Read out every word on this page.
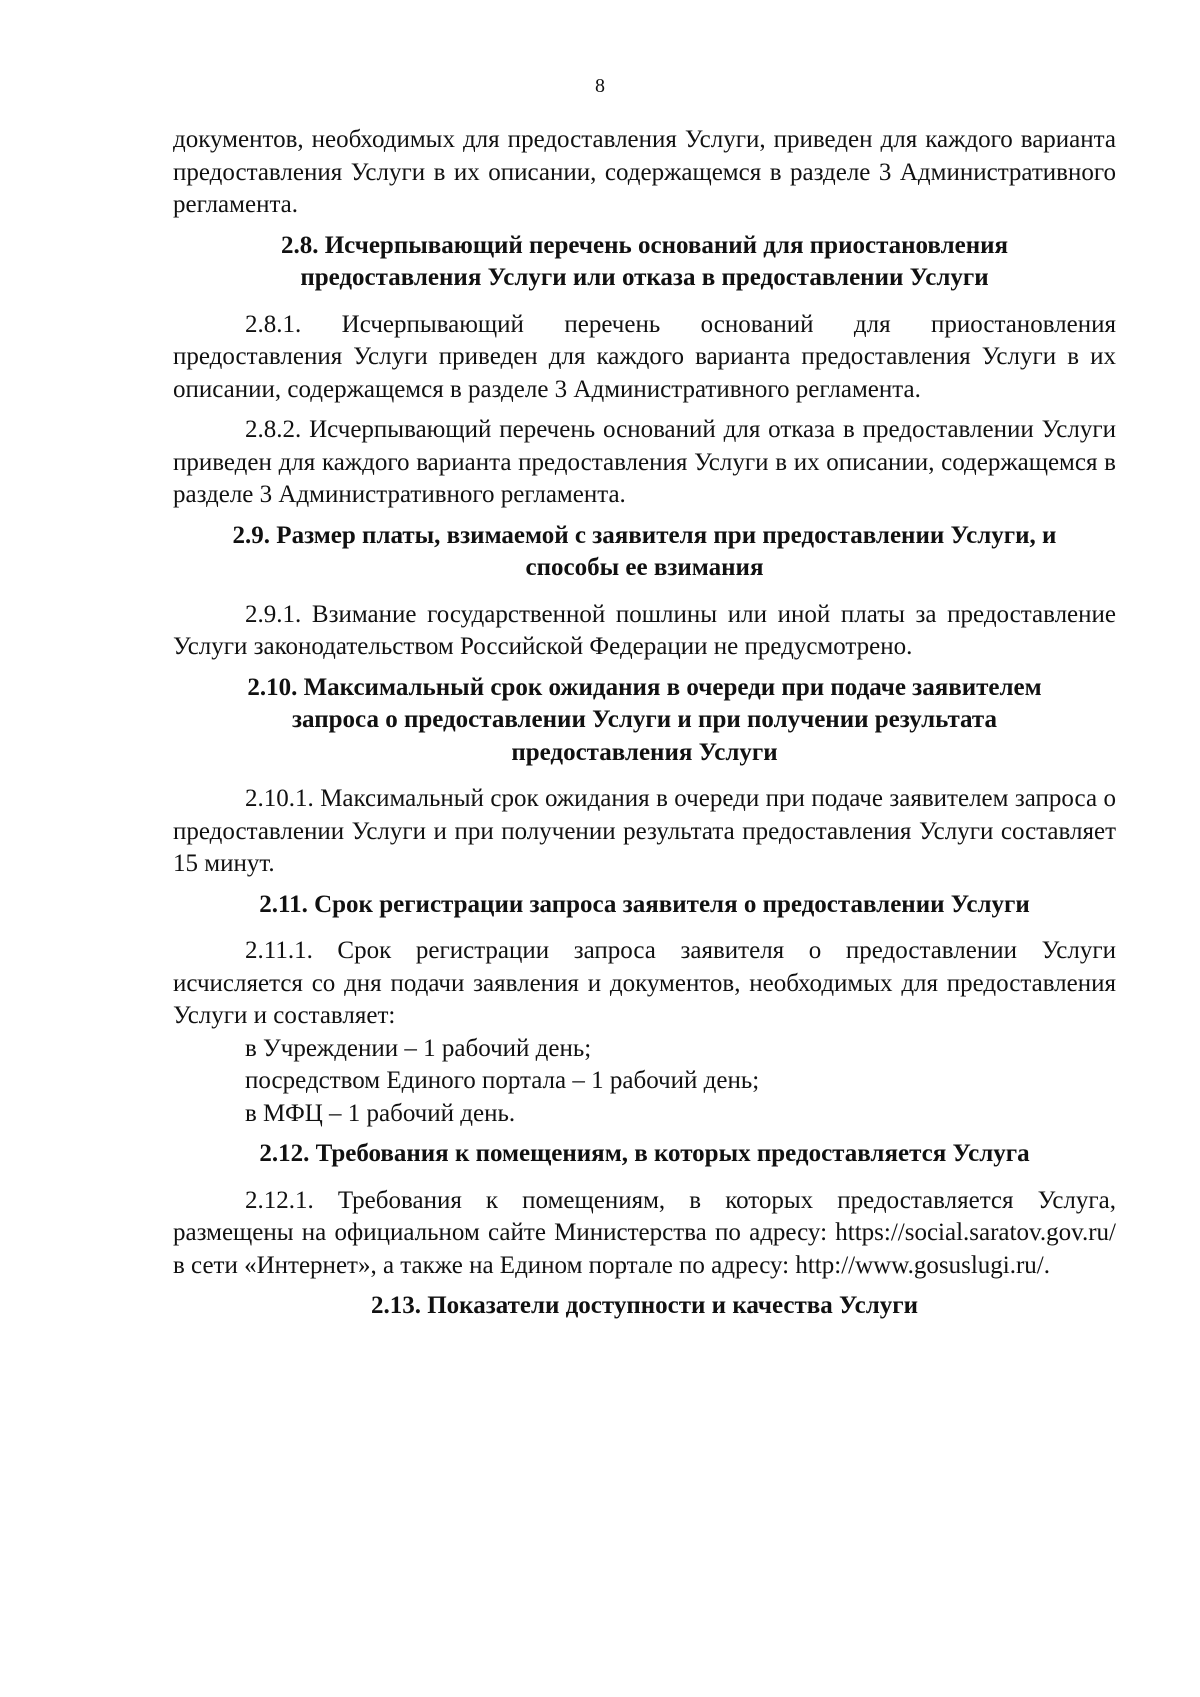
8

документов, необходимых для предоставления Услуги, приведен для каждого варианта предоставления Услуги в их описании, содержащемся в разделе 3 Административного регламента.

2.8. Исчерпывающий перечень оснований для приостановления

предоставления Услуги или отказа в предоставлении Услуги

2.8.1. Исчерпывающий перечень оснований для приостановления предоставления Услуги приведен для каждого варианта предоставления Услуги в их описании, содержащемся в разделе 3 Административного регламента.

2.8.2. Исчерпывающий перечень оснований для отказа в предоставлении Услуги приведен для каждого варианта предоставления Услуги в их описании, содержащемся в разделе 3 Административного регламента.

2.9. Размер платы, взимаемой с заявителя при предоставлении Услуги, и

способы ее взимания

2.9.1. Взимание государственной пошлины или иной платы за предоставление Услуги законодательством Российской Федерации не предусмотрено.

2.10. Максимальный срок ожидания в очереди при подаче заявителем

запроса о предоставлении Услуги и при получении результата

предоставления Услуги

2.10.1. Максимальный срок ожидания в очереди при подаче заявителем запроса о предоставлении Услуги и при получении результата предоставления Услуги составляет 15 минут.

2.11. Срок регистрации запроса заявителя о предоставлении Услуги

2.11.1. Срок регистрации запроса заявителя о предоставлении Услуги исчисляется со дня подачи заявления и документов, необходимых для предоставления Услуги и составляет:

в Учреждении – 1 рабочий день;

посредством Единого портала – 1 рабочий день;

в МФЦ – 1 рабочий день.

2.12. Требования к помещениям, в которых предоставляется Услуга

2.12.1. Требования к помещениям, в которых предоставляется Услуга, размещены на официальном сайте Министерства по адресу: https://social.saratov.gov.ru/ в сети «Интернет», а также на Едином портале по адресу: http://www.gosuslugi.ru/.

2.13. Показатели доступности и качества Услуги
